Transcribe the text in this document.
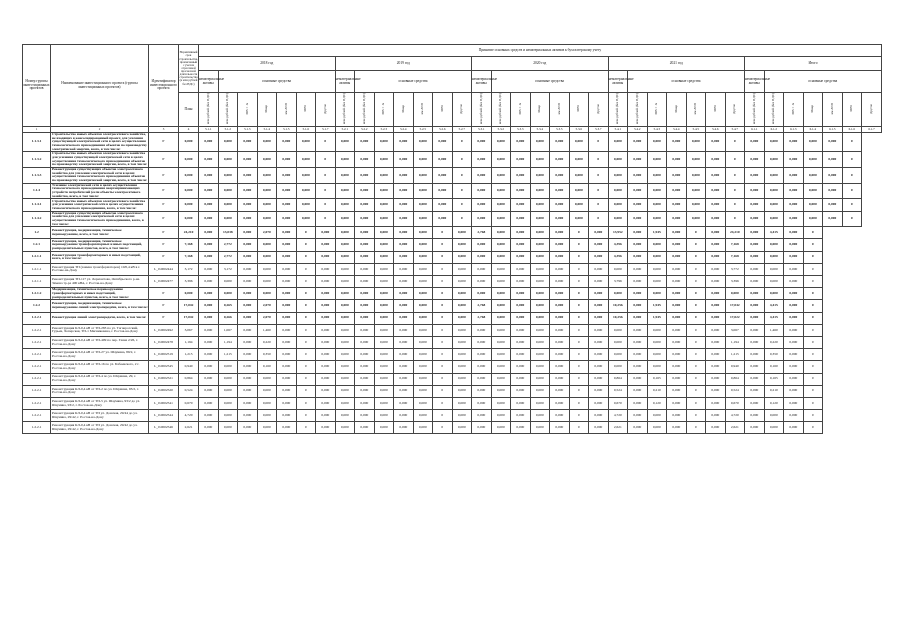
Номер группы инвестиционных проектов	Наименование инвестиционного проекта (группы инвестиционных проектов)	Идентификатор инвестиционного проекта	Нормативный срок строительства, прописанный с учетом отраслевой прогнозной длительности строительства (в млн рублей без НДС)	Принятие основных средств и нематериальных активов к бухгалтерскому учету																																		
				2018 год							2019 год							2020 год							2021 год							Итого						
				нематериальные активы	основные средства						нематериальные активы	основные средства						нематериальные активы	основные средства						нематериальные активы	основные средства						нематериальные активы	основные средства					
			План	млн рублей (без НДС)	млн рублей (без НДС)	МВ×А	Мвар	км ЛЭП	МВт	Другое	млн рублей (без НДС)	млн рублей (без НДС)	МВ×А	Мвар	км ЛЭП	МВт	Другое	млн рублей (без НДС)	млн рублей (без НДС)	МВ×А	Мвар	км ЛЭП	МВт	Другое	млн рублей (без НДС)	млн рублей (без НДС)	МВ×А	Мвар	км ЛЭП	МВт	Другое	млн рублей (без НДС)	млн рублей (без НДС)	МВ×А	Мвар	км ЛЭП	МВт	Другое
1	2	3	4	5.1.1	5.1.2	5.1.3	5.1.4	5.1.5	5.1.6	5.1.7	5.2.1	5.2.2	5.2.3	5.2.4	5.2.5	5.2.6	5.2.7	5.3.1	5.3.2	5.3.3	5.3.4	5.3.5	5.3.6	5.3.7	5.4.1	5.4.2	5.4.3	5.4.4	5.4.5	5.4.6	5.4.7	6.1.1	6.1.2	6.1.3	6.1.4	6.1.5	6.1.6	6.1.7
1.1.3.1	Строительство новых объектов электросетевого хозяйства, не входящих в консолидированный проект, для усиления существующей электрической сети в целях осуществления технологического присоединения объектов по производству электрической энергии, всего, в том числе:	Г	0,000	0,000	0,000	0,000	0,000	0,000	0,000	0	0,000	0,000	0,000	0,000	0,000	0,000	0	0,000	0,000	0,000	0,000	0,000	0,000	0	0,000	0,000	0,000	0,000	0,000	0,000	0	0,000	0,000	0,000	0,000	0,000	0	
1.1.3.2	Строительство новых объектов электросетевого хозяйства для усиления существующей электрической сети в целях осуществления технологического присоединения объектов по производству электрической энергии, всего, в том числе:	Г	0,000	0,000	0,000	0,000	0,000	0,000	0,000	0	0,000	0,000	0,000	0,000	0,000	0,000	0	0,000	0,000	0,000	0,000	0,000	0,000	0	0,000	0,000	0,000	0,000	0,000	0,000	0	0,000	0,000	0,000	0,000	0,000	0	
1.1.3.3	Реконструкция существующих объектов электросетевого хозяйства для усиления электрической сети в целях осуществления технологического присоединения объектов по производству электрической энергии, всего, в том числе:	Г	0,000	0,000	0,000	0,000	0,000	0,000	0,000	0	0,000	0,000	0,000	0,000	0,000	0,000	0	0,000	0,000	0,000	0,000	0,000	0,000	0	0,000	0,000	0,000	0,000	0,000	0,000	0	0,000	0,000	0,000	0,000	0,000	0	
1.1.4	Усиление электрической сети в целях осуществления технологического присоединения энергопринимающих устройств потребителей (если объекты электросетевого хозяйства, всего, в том числе:	Г	0,000	0,000	0,000	0,000	0,000	0,000	0,000	0	0,000	0,000	0,000	0,000	0,000	0,000	0	0,000	0,000	0,000	0,000	0,000	0,000	0	0,000	0,000	0,000	0,000	0,000	0,000	0	0,000	0,000	0,000	0,000	0,000	0	
1.1.4.1	Строительство новых объектов электросетевого хозяйства для усиления электрической сети в целях осуществления технологического присоединения, всего, в том числе:	Г	0,000	0,000	0,000	0,000	0,000	0,000	0,000	0	0,000	0,000	0,000	0,000	0,000	0,000	0	0,000	0,000	0,000	0,000	0,000	0,000	0	0,000	0,000	0,000	0,000	0,000	0,000	0	0,000	0,000	0,000	0,000	0,000	0	
1.1.4.2	Реконструкция существующих объектов электросетевого хозяйства для усиления электрической сети в целях осуществления технологического присоединения, всего, в том числе:	Г	0,000	0,000	0,000	0,000	0,000	0,000	0,000	0	0,000	0,000	0,000	0,000	0,000	0,000	0	0,000	0,000	0,000	0,000	0,000	0,000	0	0,000	0,000	0,000	0,000	0,000	0,000	0	0,000	0,000	0,000	0,000	0,000	0	
1.2	Реконструкция, модернизация, техническое перевооружение, всего, в том числе:	Г	24,210	0,000	13,038	0,000	2,070	0,000	0	0,000	0,000	0,000	0,000	0,000	0,000	0	0,000	2,768	0,000	0,000	0,000	0,000	0	0,000	13,952	0,000	1,945	0,000	0	0,000	24,210	0,000	4,415	0,000	0			
1.2.1	Реконструкция, модернизация, техническое перевооружение трансформаторных и иных подстанций, распределительных пунктов, всего, в том числе:	Г	7,168	0,000	2,772	0,000	0,000	0,000	0	0,000	0,000	0,000	0,000	0,000	0,000	0	0,000	0,000	0,000	0,000	0,000	0,000	0	0,000	4,396	0,000	0,000	0,000	0	0,000	7,168	0,000	0,000	0,000	0			
1.2.1.1	Реконструкция трансформаторных и иных подстанций, всего, в том числе:	Г	7,168	0,000	2,772	0,000	0,000	0,000	0	0,000	0,000	0,000	0,000	0,000	0,000	0	0,000	0,000	0,000	0,000	0,000	0,000	0	0,000	4,396	0,000	0,000	0,000	0	0,000	7,168	0,000	0,000	0,000	0			
1.2.1.1	Реконструкция ТП (замена трансформаторов) 10/0,4 кВ в г. Ростове-на-Дону	L_0.0002444	3,172	0,000	3,172	0,000	0,000	0,000	0	0,000	0,000	0,000	0,000	0,000	0,000	0	0,000	0,000	0,000	0,000	0,000	0,000	0	0,000	0,000	0,000	0,000	0,000	0	0,000	3,772	0,000	0,000	0,000	0			
1.2.1.1	Реконструкция ТП-117 ул. Лермонтова, Октябрьского р-на. Замена тр-ра 400 кВА, г. Ростов-на-Дону	L_0.0002477	3,396	0,000	0,000	0,000	0,000	0,000	0	0,000	0,000	0,000	0,000	0,000	0,000	0	0,000	0,000	0,000	0,000	0,000	0,000	0	0,000	3,796	0,000	0,000	0,000	0	0,000	3,396	0,000	0,000	0,000	0			
1.2.1.2	Модернизация, техническое перевооружение трансформаторных и иных подстанций, распределительных пунктов, всего, в том числе:	Г	0,000	0,000	0,000	0,000	0,000	0,000	0	0,000	0,000	0,000	0,000	0,000	0,000	0	0,000	0,000	0,000	0,000	0,000	0,000	0	0,000	0,000	0,000	0,000	0,000	0	0,000	0,000	0,000	0,000	0,000	0			
1.2.2	Реконструкция, модернизация, техническое перевооружение линий электропередачи, всего, в том числе:	Г	17,042	0,000	0,265	0,000	2,070	0,000	0	0,000	0,000	0,000	0,000	0,000	0,000	0	0,000	2,768	0,000	0,000	0,000	0,000	0	0,000	10,256	0,000	1,945	0,000	0	0,000	17,042	0,000	4,415	0,000	0			
1.2.2.1	Реконструкция линий электропередачи, всего, в том числе:	Г	17,042	0,000	0,266	0,000	2,070	0,000	0	0,000	0,000	0,000	0,000	0,000	0,000	0	0,000	2,768	0,000	0,000	0,000	0,000	0	0,000	10,256	0,000	1,945	0,000	0	0,000	17,022	0,000	4,415	0,000	0			
1.2.2.1	Реконструкция КЛ-0,4 кВ от ТП-283 по ул. Таганрогский, Гурьев, Хоперская, ТП-1 Мясникована, г. Ростов-на-Дону	L_0.0002492	3,067	0,000	1,067	0,000	1,460	0,000	0	0,000	0,000	0,000	0,000	0,000	0,000	0	0,000	0,000	0,000	0,000	0,000	0,000	0	0,000	0,000	0,000	0,000	0,000	0	0,000	3,067	0,000	1,460	0,000	0			
1.2.2.1	Реконструкция КЛ-0,4 кВ от ТП-409 по пер. Гаяна 2/26, г. Ростов-на-Дону	L_0.0002478	1,194	0,000	1,194	0,000	0,220	0,000	0	0,000	0,000	0,000	0,000	0,000	0,000	0	0,000	0,000	0,000	0,000	0,000	0,000	0	0,000	0,000	0,000	0,000	0,000	0	0,000	1,194	0,000	0,220	0,000	0			
1.2.2.1	Реконструкция КЛ-0,4 кВ от ТП-27 ул. Шаумяна, 89/2, г. Ростов-на-Дону	L_0.0002519	1,215	0,000	1,215	0,000	0,350	0,000	0	0,000	0,000	0,000	0,000	0,000	0,000	0	0,000	0,000	0,000	0,000	0,000	0,000	0	0,000	0,000	0,000	0,000	0,000	0	0,000	1,215	0,000	0,350	0,000	0			
1.2.2.1	Реконструкция КЛ-0,4 кВ от ТП-16 по ул. Бабаевского, 2 г. Ростов-на-Дону	L_0.0002545	0,940	0,000	0,000	0,000	0,160	0,000	0	0,000	0,000	0,000	0,000	0,000	0,000	0	0,000	0,000	0,000	0,000	0,000	0,000	0	0,000	0,000	0,000	0,000	0,000	0	0,000	0,940	0,000	0,160	0,000	0			
1.2.2.1	Реконструкция КЛ-0,4 кВ от ТП-4 по ул. Шаумяна, 29, г. Ростов-на-Дону	L_0.0002521	0,864	0,000	0,000	0,000	0,000	0,000	0	0,000	0,000	0,000	0,000	0,000	0,000	0	0,000	0,000	0,000	0,000	0,000	0,000	0	0,000	0,864	0,000	0,165	0,000	0	0,000	0,864	0,000	0,165	0,000	0			
1.2.2.1	Реконструкция КЛ-0,4 кВ от ТП-2 по ул. Шаумяна, 93/2, г. Ростов-на-Дону	L_0.0002520	0,524	0,000	0,000	0,000	0,000	0,000	0	0,000	0,000	0,000	0,000	0,000	0,000	0	0,000	0,000	0,000	0,000	0,000	0,000	0	0,000	0,524	0,000	0,210	0,000	0	0,000	0,524	0,000	0,210	0,000	0			
1.2.2.1	Реконструкция КЛ-0,4 кВ от ТП-5 ул. Шаумяна, 93/2 до ул. Шаумяна, 93/2, г. Ростов-на-Дону	L_0.0002541	0,670	0,000	0,000	0,000	0,000	0,000	0	0,000	0,000	0,000	0,000	0,000	0,000	0	0,000	0,000	0,000	0,000	0,000	0,000	0	0,000	0,670	0,000	0,120	0,000	0	0,000	0,670	0,000	0,120	0,000	0			
1.2.2.1	Реконструкция КЛ-0,4 кВ от ТП ул. Донская, 29/44 до ул. Шаумяна, 29/42, г. Ростов-на-Дону	L_0.0002544	4,720	0,000	0,000	0,000	0,000	0,000	0	0,000	0,000	0,000	0,000	0,000	0,000	0	0,000	0,000	0,000	0,000	0,000	0,000	0	0,000	4,720	0,000	0,000	0,000	0	0,000	4,720	0,000	0,000	0,000	0			
1.2.2.1	Реконструкция КЛ-0,4 кВ от ТП ул. Донская, 29/42 до ул. Шаумяна, 29/42, г. Ростов-на-Дону	L_0.0002546	2,621	0,000	0,000	0,000	0,000	0,000	0	0,000	0,000	0,000	0,000	0,000	0,000	0	0,000	0,000	0,000	0,000	0,000	0,000	0	0,000	2,621	0,000	0,000	0,000	0	0,000	2,621	0,000	0,000	0,000	0			
